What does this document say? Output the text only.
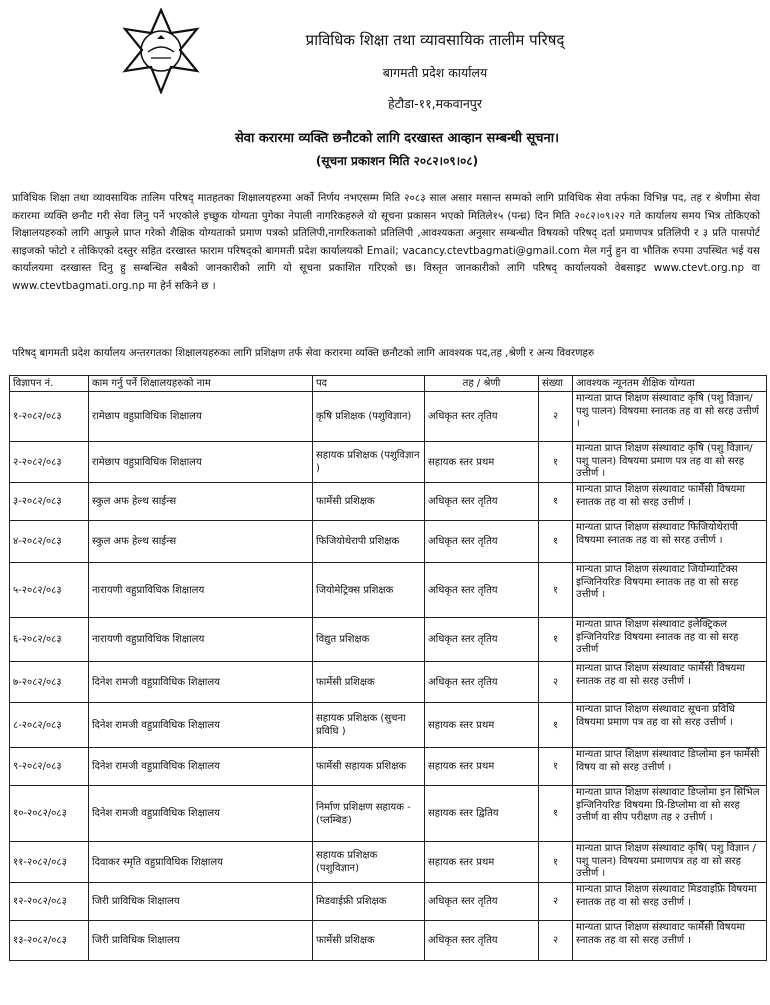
प्राविधिक शिक्षा तथा व्यावसायिक तालीम परिषद्
बागमती प्रदेश कार्यालय
हेटौडा-११,मकवानपुर
सेवा करारमा व्यक्ति छनौटको लागि दरखास्त आव्हान सम्बन्धी सूचना।
(सूचना प्रकाशन मिति २०८२।०९।०८)
प्राविधिक शिक्षा तथा व्यावसायिक तालिम परिषद् मातहतका शिक्षालयहरुमा अर्को निर्णय नभएसम्म मिति २०८३ साल असार मसान्त सम्मको लागि प्राविधिक सेवा तर्फका विभिन्न पद, तह र श्रेणीमा सेवा करारमा व्यक्ति छनौट गरी सेवा लिनु पर्ने भएकोले इच्छुक योग्यता पुगेका नेपाली नागरिकहरुले यो सूचना प्रकासन भएको मितिले१५ (पन्ध्र) दिन मिति २०८२।०९।२२ गते कार्यालय समय भित्र तोकिएको शिक्षालयहरुको लागि आफुले प्राप्त गरेको शैक्षिक योग्यताको प्रमाण पत्रको प्रतिलिपी,नागरिकताको प्रतिलिपी ,आवश्यकता अनुसार सम्बन्धीत विषयको परिषद् दर्ता प्रमाणपत्र प्रतिलिपी र ३ प्रति पासपोर्ट साइजको फोटो र तोकिएको दस्तुर सहित दरखास्त फाराम परिषद्को बागमती प्रदेश कार्यालयको Email; vacancy.ctevtbagmati@gmail.com मेल गर्नु हुन वा भौतिक रुपमा उपस्थित भई यस कार्यालयमा दरखास्त दिनु हु सम्बन्धित सबैको जानकारीको लागि यो सूचना प्रकाशित गरिएको छ। विस्तृत जानकारीको लागि परिषद् कार्यालयको वेबसाइट www.ctevt.org.np वा www.ctevtbagmati.org.np मा हेर्न सकिने छ ।
परिषद् बागमती प्रदेश कार्यालय अन्तरगतका शिक्षालयहरुका लागि प्रशिक्षण तर्फ सेवा करारमा व्यक्ति छनौटको लागि आवश्यक पद,तह ,श्रेणी र अन्य विवरणहरु
विज्ञापन नं.	काम गर्नु पर्ने शिक्षालयहरुको नाम	पद	तह / श्रेणी	संख्या	आवश्यक न्यूनतम शैक्षिक योग्यता
१-२०८२/०८३	रामेछाप वहुप्राविधिक शिक्षालय	कृषि प्रशिक्षक (पशुविज्ञान)	अधिकृत स्तर तृतिय	२	मान्यता प्राप्त शिक्षण संस्थावाट कृषि (पशु विज्ञान/ पशु पालन) विषयमा स्नातक तह वा सो सरह उत्तीर्ण ।
२-२०८२/०८३	रामेछाप वहुप्राविधिक शिक्षालय	सहायक प्रशिक्षक (पशुविज्ञान )	सहायक स्तर प्रथम	१	मान्यता प्राप्त शिक्षण संस्थावाट कृषि (पशु विज्ञान/ पशु पालन) विषयमा प्रमाण पत्र तह वा सो सरह उत्तीर्ण ।
३-२०८२/०८३	स्कुल अफ हेल्थ साईन्स	फार्मेसी प्रशिक्षक	अधिकृत स्तर तृतिय	१	मान्यता प्राप्त शिक्षण संस्थावाट फार्मेसी विषयमा स्नातक तह वा सो सरह उत्तीर्ण ।
४-२०८२/०८३	स्कुल अफ हेल्थ साईन्स	फिजियोथेरापी प्रशिक्षक	अधिकृत स्तर तृतिय	१	मान्यता प्राप्त शिक्षण संस्थावाट फिजियोथेरापी विषयमा स्नातक तह वा सो सरह उत्तीर्ण ।
५-२०८२/०८३	नारायणी वहुप्राविधिक शिक्षालय	जियोमेट्रिक्स प्रशिक्षक	अधिकृत स्तर तृतिय	१	मान्यता प्राप्त शिक्षण संस्थावाट जियोम्याटिक्स इन्जिनियरिङ विषयमा स्नातक तह वा सो सरह उत्तीर्ण ।
६-२०८२/०८३	नारायणी वहुप्राविधिक शिक्षालय	विद्युत प्रशिक्षक	अधिकृत स्तर तृतिय	१	मान्यता प्राप्त शिक्षण संस्थावाट इलेक्ट्रिकल इन्जिनियरिङ विषयमा स्नातक तह वा सो सरह उत्तीर्ण
७-२०८२/०८३	दिनेश रामजी वहुप्राविधिक शिक्षालय	फार्मेसी प्रशिक्षक	अधिकृत स्तर तृतिय	२	मान्यता प्राप्त शिक्षण संस्थावाट फार्मेसी विषयमा स्नातक तह वा सो सरह उत्तीर्ण ।
८-२०८२/०८३	दिनेश रामजी वहुप्राविधिक शिक्षालय	सहायक प्रशिक्षक (सुचना प्रविधि )	सहायक स्तर प्रथम	१	मान्यता प्राप्त शिक्षण संस्थावाट सूचना प्रविधि विषयमा प्रमाण पत्र तह वा सो सरह उत्तीर्ण ।
९-२०८२/०८३	दिनेश रामजी वहुप्राविधिक शिक्षालय	फार्मेसी सहायक प्रशिक्षक	सहायक स्तर प्रथम	१	मान्यता प्राप्त शिक्षण संस्थावाट डिप्लोमा इन फार्मेसी विषय वा सो सरह उत्तीर्ण ।
१०-२०८२/०८३	दिनेश रामजी वहुप्राविधिक शिक्षालय	निर्माण प्रशिक्षण सहायक -(प्लम्बिङ)	सहायक स्तर द्वितिय	१	मान्यता प्राप्त शिक्षण संस्थावाट डिप्लोमा इन सिभिल इन्जिनियरिङ विषयमा प्रि-डिप्लोमा वा सो सरह उत्तीर्ण वा सीप परीक्षण तह २ उत्तीर्ण ।
११-२०८२/०८३	दिवाकर स्मृति वहुप्राविधिक शिक्षालय	सहायक प्रशिक्षक (पशुविज्ञान)	सहायक स्तर प्रथम	१	मान्यता प्राप्त शिक्षण संस्थावाट कृषि( पशु विज्ञान / पशु पालन) विषयमा प्रमाणपत्र तह वा सो सरह उत्तीर्ण ।
१२-२०८२/०८३	जिरी प्राविधिक शिक्षालय	मिडवाईफ्री प्रशिक्षक	अधिकृत स्तर तृतिय	२	मान्यता प्राप्त शिक्षण संस्थावाट मिडवाइफ्रि विषयमा स्नातक तह वा सो सरह उत्तीर्ण ।
१३-२०८२/०८३	जिरी प्राविधिक शिक्षालय	फार्मेसी प्रशिक्षक	अधिकृत स्तर तृतिय	२	मान्यता प्राप्त शिक्षण संस्थावाट फार्मेसी विषयमा स्नातक तह वा सो सरह उत्तीर्ण ।
